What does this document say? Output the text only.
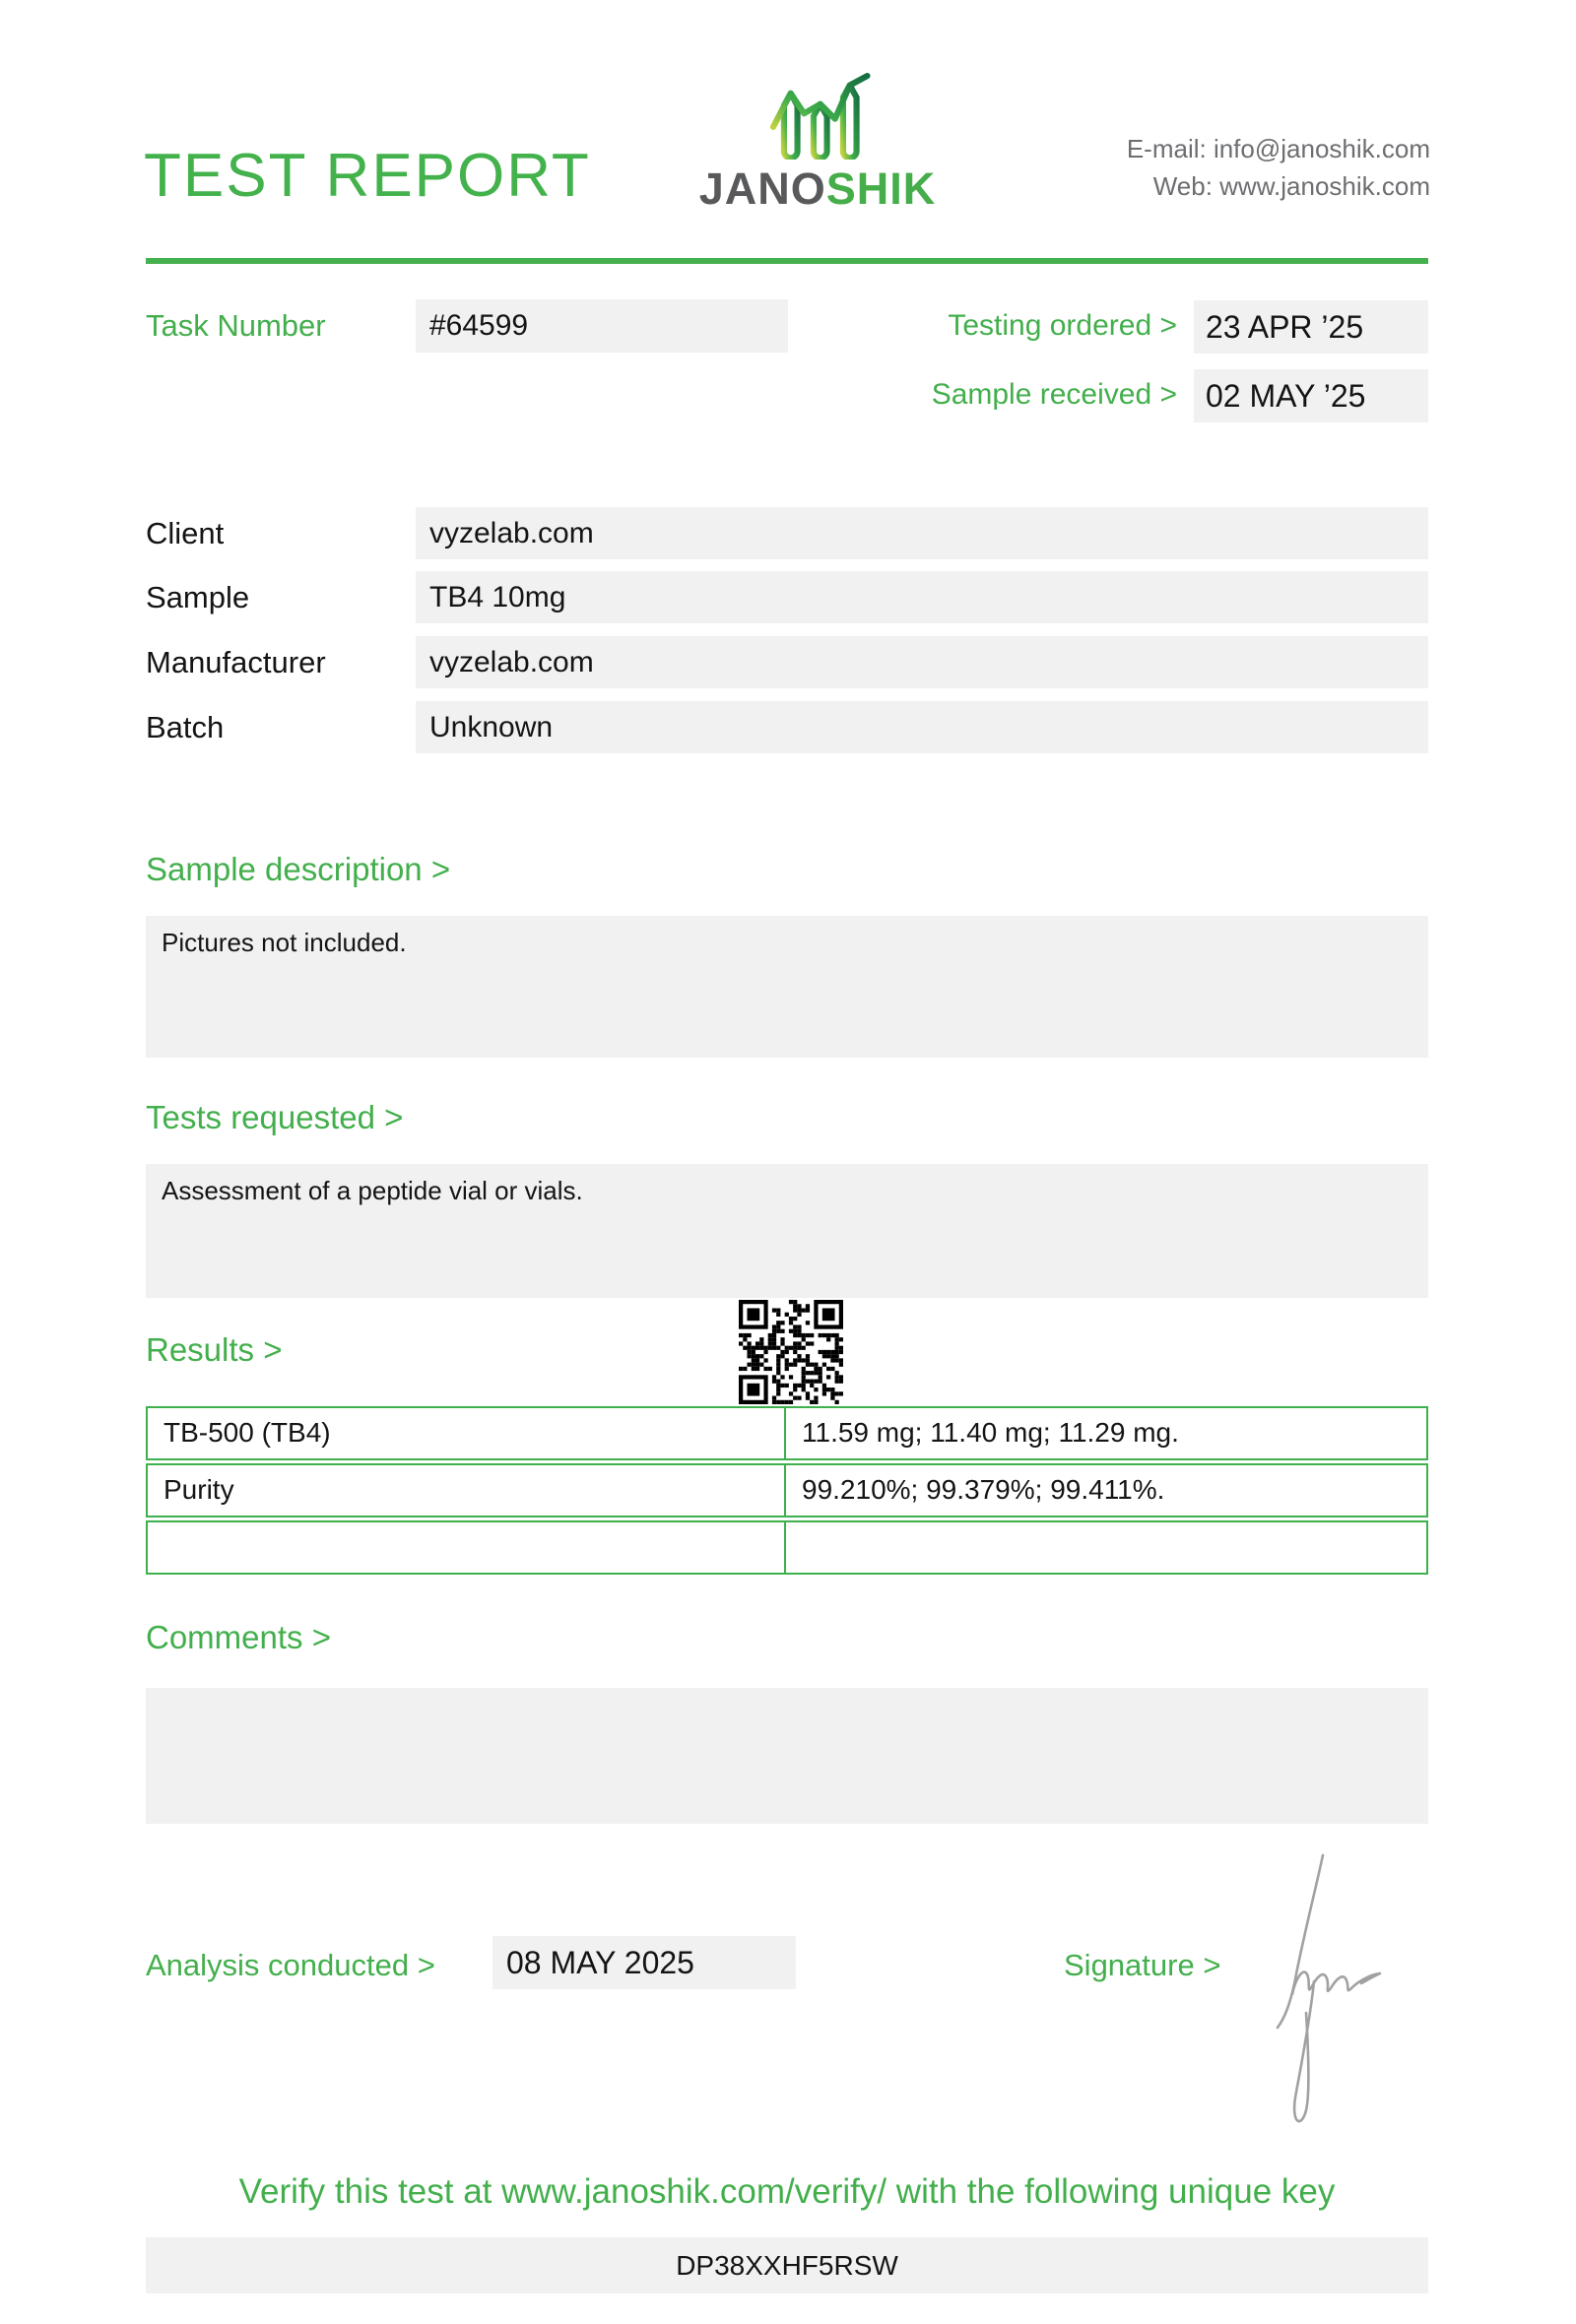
TEST REPORT	JANOSHIK
E-mail: info@janoshik.com
Web: www.janoshik.com
Task Number	#64599	Testing ordered > 23 APR ’25
Sample received > 02 MAY ’25
Client	vyzelab.com
Sample	TB4 10mg
Manufacturer	vyzelab.com
Batch	Unknown
Sample description >
Pictures not included.
Tests requested >
Assessment of a peptide vial or vials.
Results >
TB-500 (TB4)	11.59 mg; 11.40 mg; 11.29 mg.
Purity	99.210%; 99.379%; 99.411%.
Comments >
Analysis conducted >	08 MAY 2025	Signature >
Verify this test at www.janoshik.com/verify/ with the following unique key
DP38XXHF5RSW
